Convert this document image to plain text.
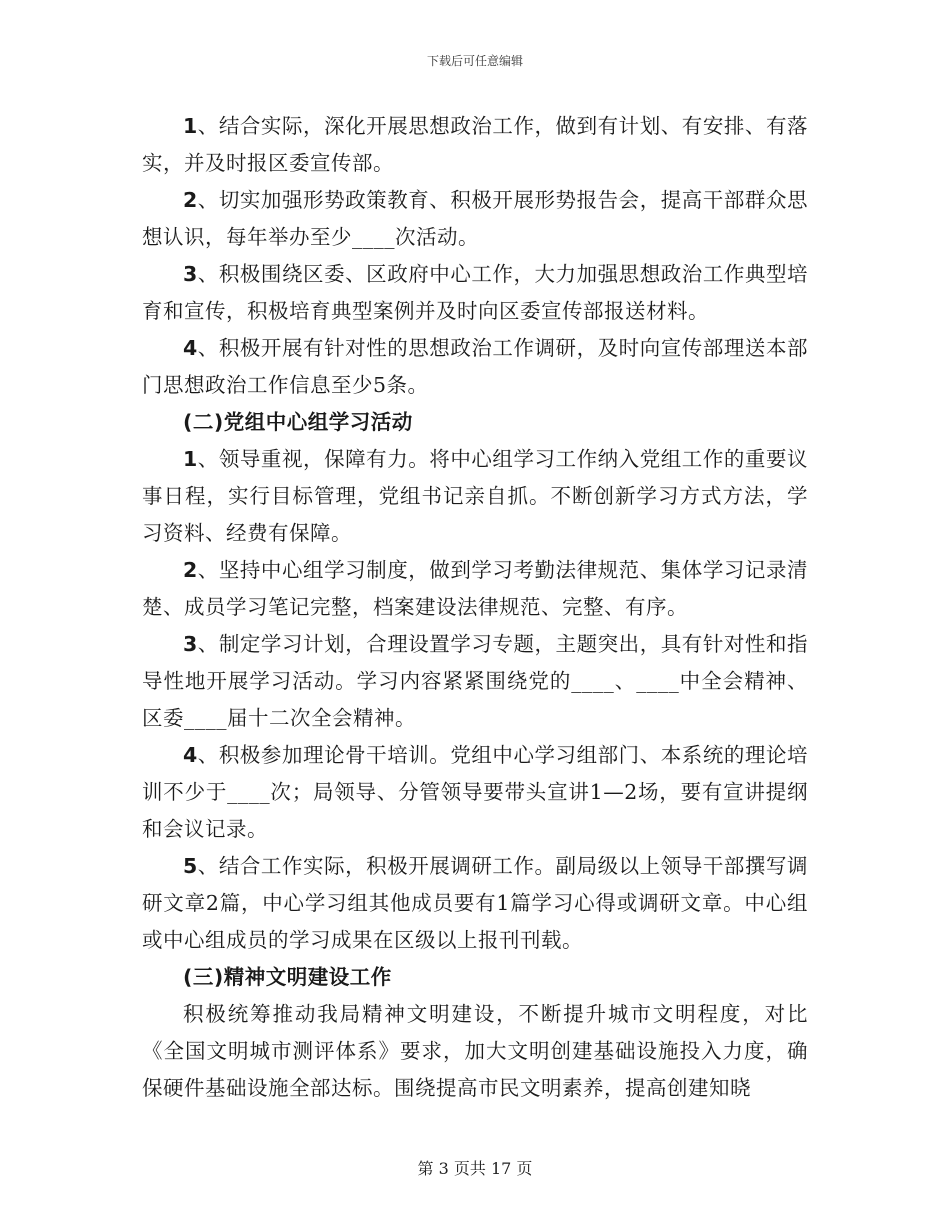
下载后可任意编辑

1、结合实际，深化开展思想政治工作，做到有计划、有安排、有落实，并及时报区委宣传部。

2、切实加强形势政策教育、积极开展形势报告会，提高干部群众思想认识，每年举办至少____次活动。

3、积极围绕区委、区政府中心工作，大力加强思想政治工作典型培育和宣传，积极培育典型案例并及时向区委宣传部报送材料。

4、积极开展有针对性的思想政治工作调研，及时向宣传部理送本部门思想政治工作信息至少5条。

(二)党组中心组学习活动

1、领导重视，保障有力。将中心组学习工作纳入党组工作的重要议事日程，实行目标管理，党组书记亲自抓。不断创新学习方式方法，学习资料、经费有保障。

2、坚持中心组学习制度，做到学习考勤法律规范、集体学习记录清楚、成员学习笔记完整，档案建设法律规范、完整、有序。

3、制定学习计划，合理设置学习专题，主题突出，具有针对性和指导性地开展学习活动。学习内容紧紧围绕党的____、____中全会精神、区委____届十二次全会精神。

4、积极参加理论骨干培训。党组中心学习组部门、本系统的理论培训不少于____次；局领导、分管领导要带头宣讲1—2场，要有宣讲提纲和会议记录。

5、结合工作实际，积极开展调研工作。副局级以上领导干部撰写调研文章2篇，中心学习组其他成员要有1篇学习心得或调研文章。中心组或中心组成员的学习成果在区级以上报刊刊载。

(三)精神文明建设工作

积极统筹推动我局精神文明建设，不断提升城市文明程度，对比《全国文明城市测评体系》要求，加大文明创建基础设施投入力度，确保硬件基础设施全部达标。围绕提高市民文明素养，提高创建知晓

第 3 页共 17 页
